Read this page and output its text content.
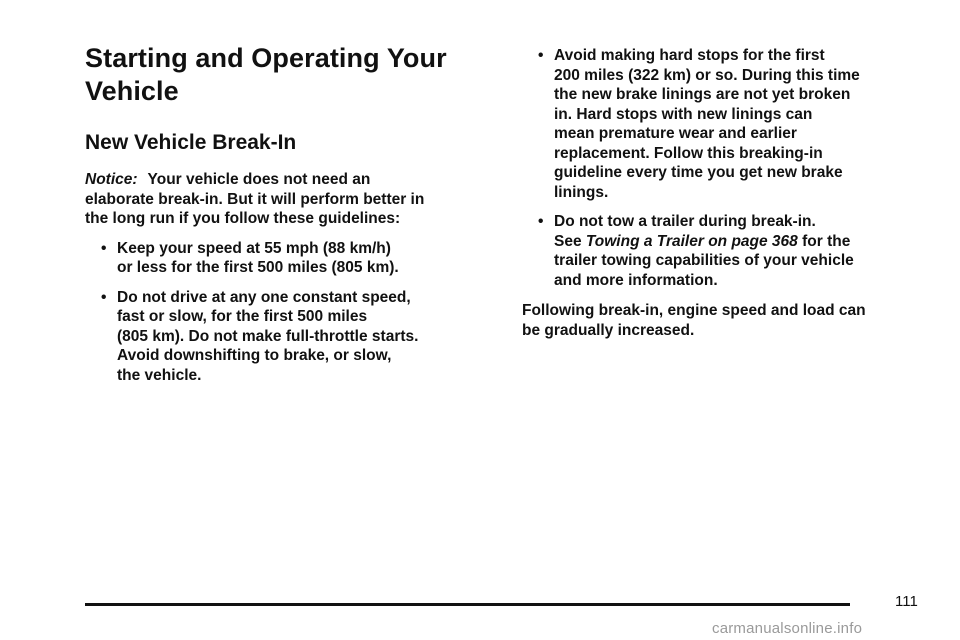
Starting and Operating Your
Vehicle
New Vehicle Break-In

Notice: Your vehicle does not need an
elaborate break-in. But it will perform better in
the long run if you follow these guidelines:

• Keep your speed at 55 mph (88 km/h)
or less for the first 500 miles (805 km).
• Do not drive at any one constant speed,
fast or slow, for the first 500 miles
(805 km). Do not make full-throttle starts.
Avoid downshifting to brake, or slow,
the vehicle.
• Avoid making hard stops for the first
200 miles (322 km) or so. During this time
the new brake linings are not yet broken
in. Hard stops with new linings can
mean premature wear and earlier
replacement. Follow this breaking-in
guideline every time you get new brake
linings.
• Do not tow a trailer during break-in.
See Towing a Trailer on page 368 for the
trailer towing capabilities of your vehicle
and more information.

Following break-in, engine speed and load can
be gradually increased.

111
carmanualsonline.info
